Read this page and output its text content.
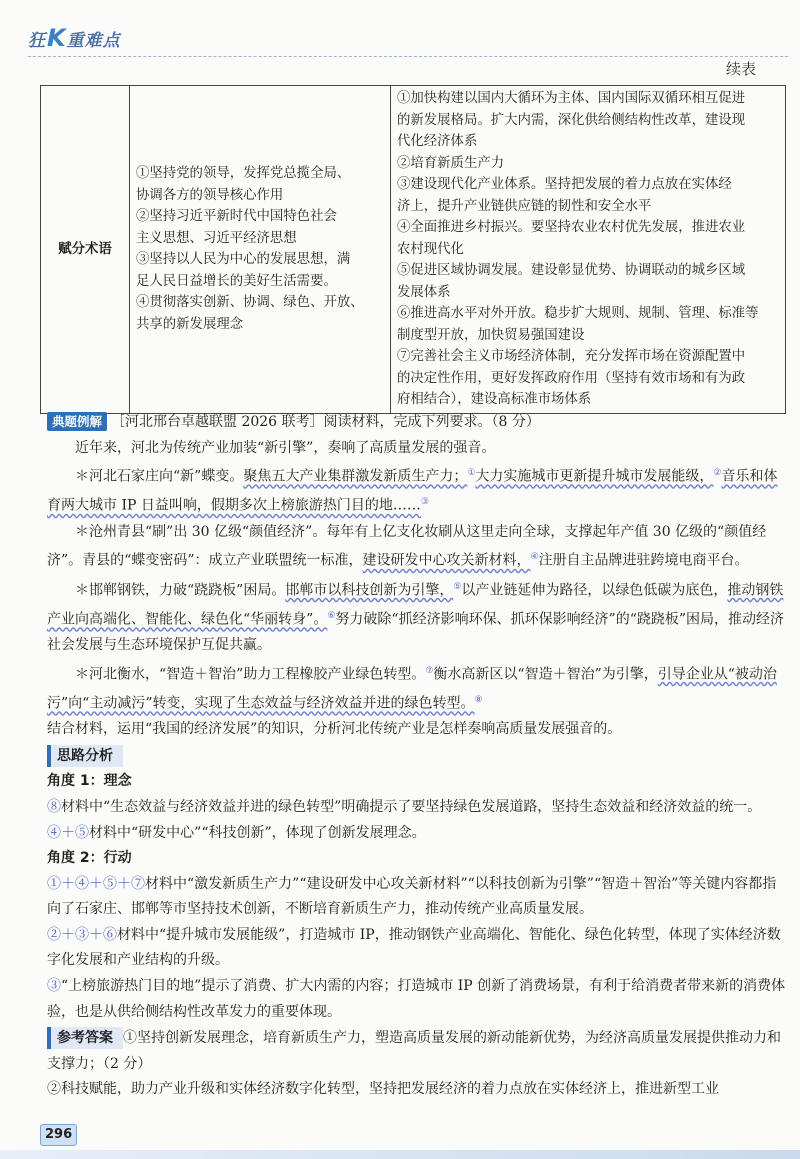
狂 K 重难点
续表
赋分术语	
①坚持党的领导，发挥党总揽全局、
协调各方的领导核心作用
②坚持习近平新时代中国特色社会
主义思想、习近平经济思想
③坚持以人民为中心的发展思想，满
足人民日益增长的美好生活需要。
④贯彻落实创新、协调、绿色、开放、
共享的新发展理念

①加快构建以国内大循环为主体、国内国际双循环相互促进
的新发展格局。扩大内需，深化供给侧结构性改革，建设现
代化经济体系
②培育新质生产力
③建设现代化产业体系。坚持把发展的着力点放在实体经
济上，提升产业链供应链的韧性和安全水平
④全面推进乡村振兴。要坚持农业农村优先发展，推进农业
农村现代化
⑤促进区域协调发展。建设彰显优势、协调联动的城乡区域
发展体系
⑥推进高水平对外开放。稳步扩大规则、规制、管理、标准等
制度型开放，加快贸易强国建设
⑦完善社会主义市场经济体制，充分发挥市场在资源配置中
的决定性作用，更好发挥政府作用（坚持有效市场和有为政
府相结合），建设高标准市场体系

典题例解 ［河北邢台卓越联盟 2026 联考］阅读材料，完成下列要求。（8 分）

近年来，河北为传统产业加装“新引擎”，奏响了高质量发展的强音。

＊河北石家庄向“新”蝶变。聚焦五大产业集群激发新质生产力；①大力实施城市更新提升城市发展能级，②音乐和体育两大城市 IP 日益叫响，假期多次上榜旅游热门目的地……③

＊沧州青县“刷”出 30 亿级“颜值经济”。每年有上亿支化妆刷从这里走向全球，支撑起年产值 30 亿级的“颜值经济”。青县的“蝶变密码”：成立产业联盟统一标准，建设研发中心攻关新材料，④注册自主品牌进驻跨境电商平台。

＊邯郸钢铁，力破“跷跷板”困局。邯郸市以科技创新为引擎，⑤以产业链延伸为路径，以绿色低碳为底色，推动钢铁产业向高端化、智能化、绿色化“华丽转身”。⑥努力破除“抓经济影响环保、抓环保影响经济”的“跷跷板”困局，推动经济社会发展与生态环境保护互促共赢。

＊河北衡水，“智造＋智治”助力工程橡胶产业绿色转型。⑦衡水高新区以“智造＋智治”为引擎，引导企业从“被动治污”向“主动减污”转变，实现了生态效益与经济效益并进的绿色转型。⑧

结合材料，运用“我国的经济发展”的知识，分析河北传统产业是怎样奏响高质量发展强音的。

思路分析

角度 1：理念

⑧材料中“生态效益与经济效益并进的绿色转型”明确提示了要坚持绿色发展道路，坚持生态效益和经济效益的统一。

④＋⑤材料中“研发中心”“科技创新”，体现了创新发展理念。

角度 2：行动

①＋④＋⑤＋⑦材料中“激发新质生产力”“建设研发中心攻关新材料”“以科技创新为引擎”“智造＋智治”等关键内容都指向了石家庄、邯郸等市坚持技术创新，不断培育新质生产力，推动传统产业高质量发展。

②＋③＋⑥材料中“提升城市发展能级”，打造城市 IP，推动钢铁产业高端化、智能化、绿色化转型，体现了实体经济数字化发展和产业结构的升级。

③“上榜旅游热门目的地”提示了消费、扩大内需的内容；打造城市 IP 创新了消费场景，有利于给消费者带来新的消费体验，也是从供给侧结构性改革发力的重要体现。

参考答案 ①坚持创新发展理念，培育新质生产力，塑造高质量发展的新动能新优势，为经济高质量发展提供推动力和支撑力；（2 分）

②科技赋能，助力产业升级和实体经济数字化转型，坚持把发展经济的着力点放在实体经济上，推进新型工业

296
